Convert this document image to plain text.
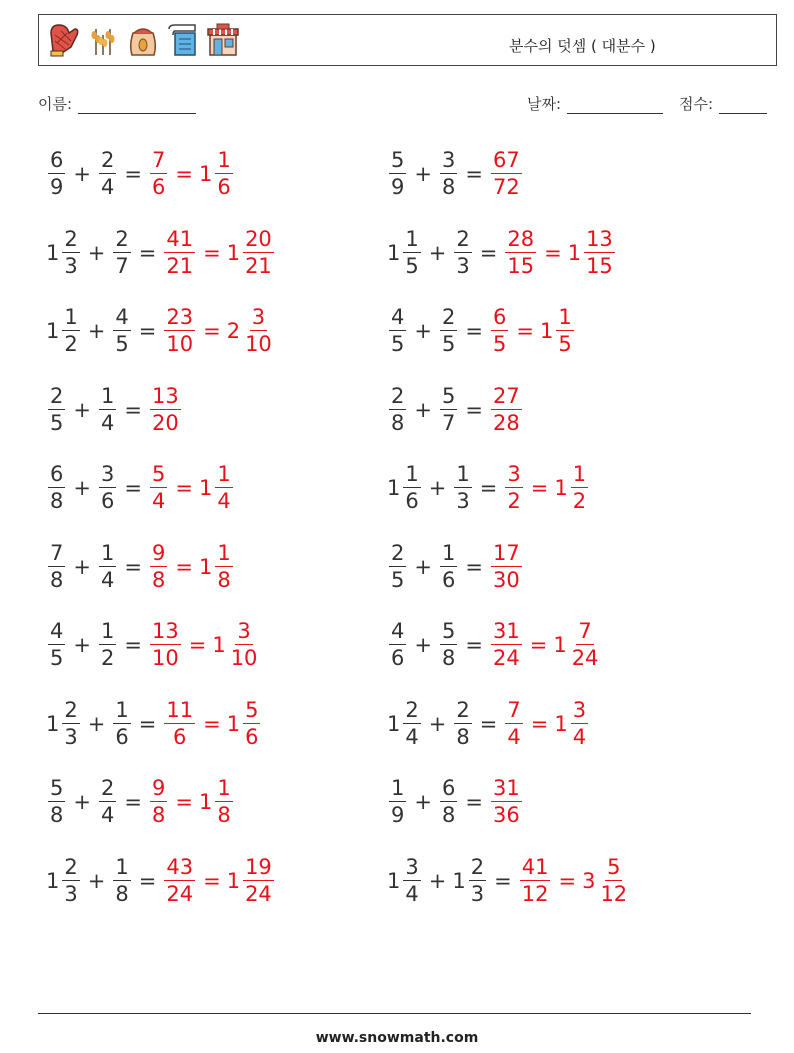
분수의 덧셈 ( 대분수 )
이름:	날짜:	점수:
$\frac{6}{9} + \frac{2}{4} = \frac{7}{6} = 1 \frac{1}{6}$	$\frac{5}{9} + \frac{3}{8} = \frac{67}{72}$
$1 \frac{2}{3} + \frac{2}{7} = \frac{41}{21} = 1 \frac{20}{21}$	$1 \frac{1}{5} + \frac{2}{3} = \frac{28}{15} = 1 \frac{13}{15}$
$1 \frac{1}{2} + \frac{4}{5} = \frac{23}{10} = 2 \frac{3}{10}$	$\frac{4}{5} + \frac{2}{5} = \frac{6}{5} = 1 \frac{1}{5}$
$\frac{2}{5} + \frac{1}{4} = \frac{13}{20}$	$\frac{2}{8} + \frac{5}{7} = \frac{27}{28}$
$\frac{6}{8} + \frac{3}{6} = \frac{5}{4} = 1 \frac{1}{4}$	$1 \frac{1}{6} + \frac{1}{3} = \frac{3}{2} = 1 \frac{1}{2}$
$\frac{7}{8} + \frac{1}{4} = \frac{9}{8} = 1 \frac{1}{8}$	$\frac{2}{5} + \frac{1}{6} = \frac{17}{30}$
$\frac{4}{5} + \frac{1}{2} = \frac{13}{10} = 1 \frac{3}{10}$	$\frac{4}{6} + \frac{5}{8} = \frac{31}{24} = 1 \frac{7}{24}$
$1 \frac{2}{3} + \frac{1}{6} = \frac{11}{6} = 1 \frac{5}{6}$	$1 \frac{2}{4} + \frac{2}{8} = \frac{7}{4} = 1 \frac{3}{4}$
$\frac{5}{8} + \frac{2}{4} = \frac{9}{8} = 1 \frac{1}{8}$	$\frac{1}{9} + \frac{6}{8} = \frac{31}{36}$
$1 \frac{2}{3} + \frac{1}{8} = \frac{43}{24} = 1 \frac{19}{24}$	$1 \frac{3}{4} + 1 \frac{2}{3} = \frac{41}{12} = 3 \frac{5}{12}$
www.snowmath.com
